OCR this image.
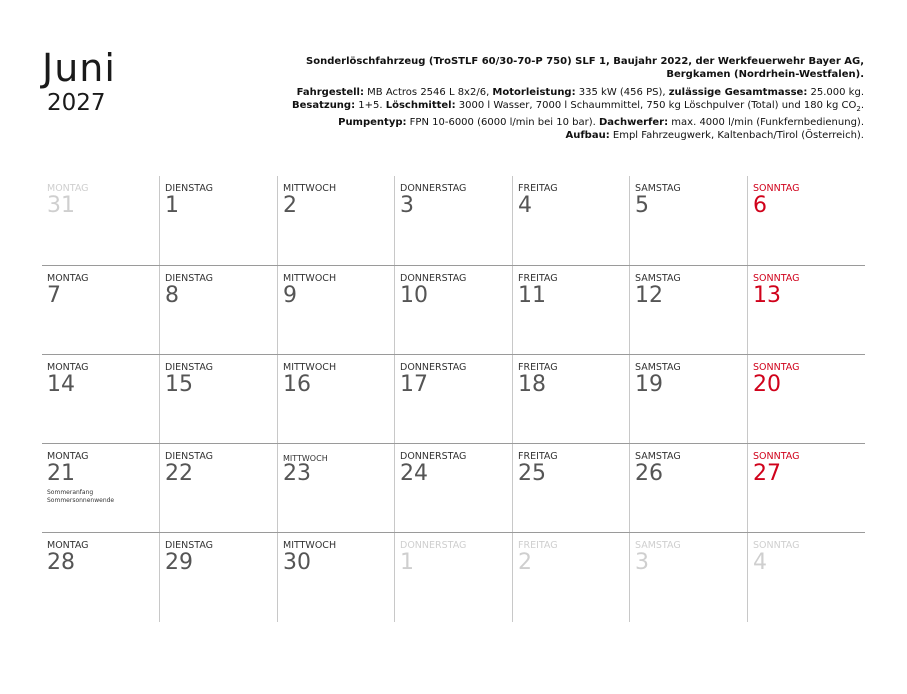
Juni
2027
Sonderlöschfahrzeug (TroSTLF 60/30-70-P 750) SLF 1, Baujahr 2022, der Werkfeuerwehr Bayer AG, Bergkamen (Nordrhein-Westfalen).
Fahrgestell: MB Actros 2546 L 8x2/6, Motorleistung: 335 kW (456 PS), zulässige Gesamtmasse: 25.000 kg.
Besatzung: 1+5. Löschmittel: 3000 l Wasser, 7000 l Schaummittel, 750 kg Löschpulver (Total) und 180 kg $CO_2$.
Pumpentyp: FPN 10-6000 (6000 l/min bei 10 bar). Dachwerfer: max. 4000 l/min (Funkfernbedienung).
Aufbau: Empl Fahrzeugwerk, Kaltenbach/Tirol (Österreich).
MONTAG
31
DIENSTAG
1
MITTWOCH
2
DONNERSTAG
3
FREITAG
4
SAMSTAG
5
SONNTAG
6
MONTAG
7
DIENSTAG
8
MITTWOCH
9
DONNERSTAG
10
FREITAG
11
SAMSTAG
12
SONNTAG
13
MONTAG
14
DIENSTAG
15
MITTWOCH
16
DONNERSTAG
17
FREITAG
18
SAMSTAG
19
SONNTAG
20
MONTAG
21
Sommeranfang
Sommersonnenwende
DIENSTAG
22
MITTWOCH
23
DONNERSTAG
24
FREITAG
25
SAMSTAG
26
SONNTAG
27
MONTAG
28
DIENSTAG
29
MITTWOCH
30
DONNERSTAG
1
FREITAG
2
SAMSTAG
3
SONNTAG
4
